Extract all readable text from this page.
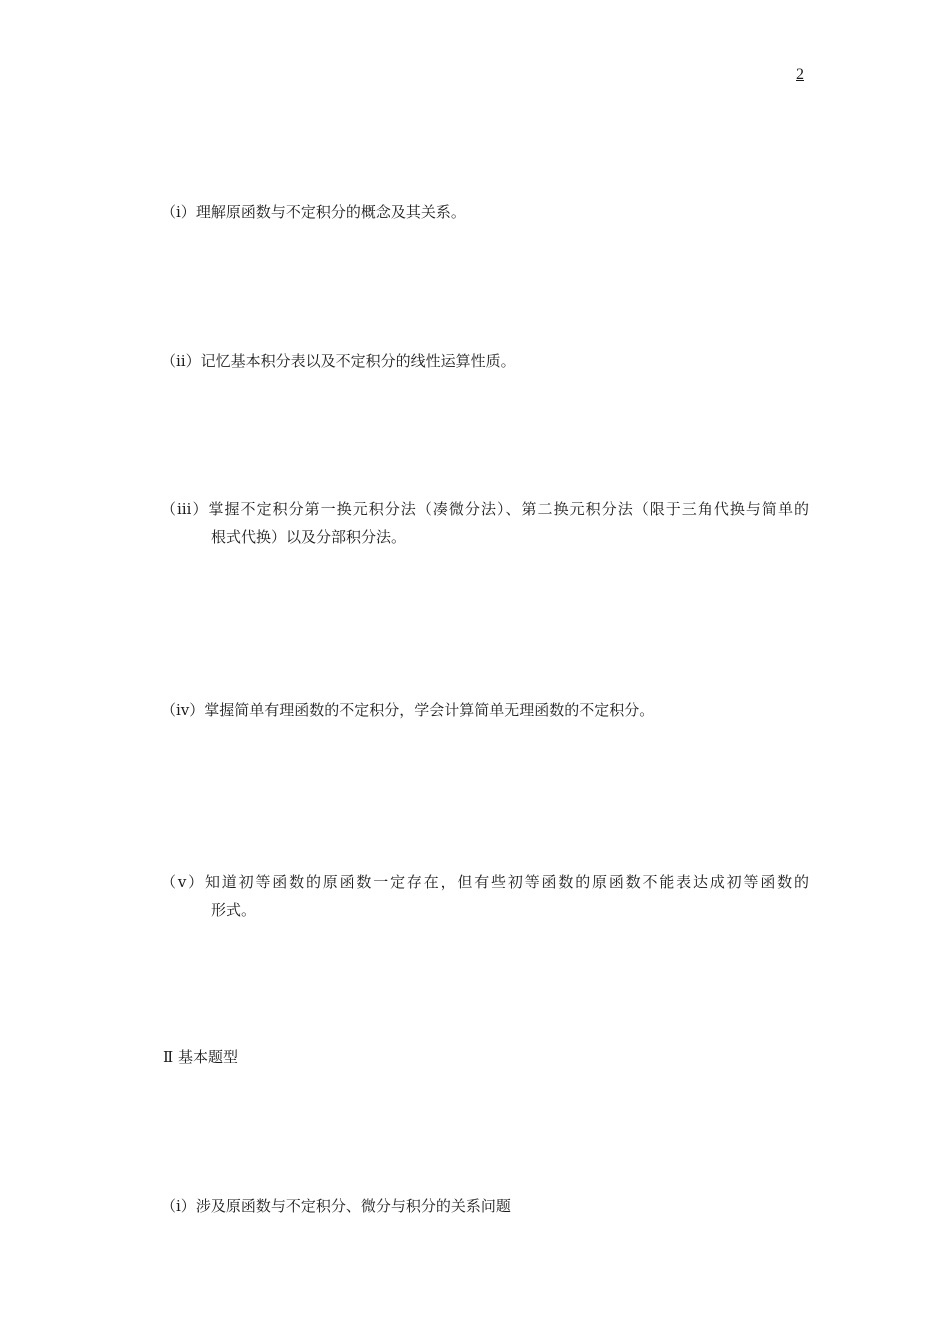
2
（ⅰ）理解原函数与不定积分的概念及其关系。
（ⅱ）记忆基本积分表以及不定积分的线性运算性质。
（ⅲ）掌握不定积分第一换元积分法（凑微分法）、第二换元积分法（限于三角代换与简单的
根式代换）以及分部积分法。
（ⅳ）掌握简单有理函数的不定积分，学会计算简单无理函数的不定积分。
（ⅴ）知道初等函数的原函数一定存在，但有些初等函数的原函数不能表达成初等函数的
形式。
Ⅱ 基本题型
（ⅰ）涉及原函数与不定积分、微分与积分的关系问题
